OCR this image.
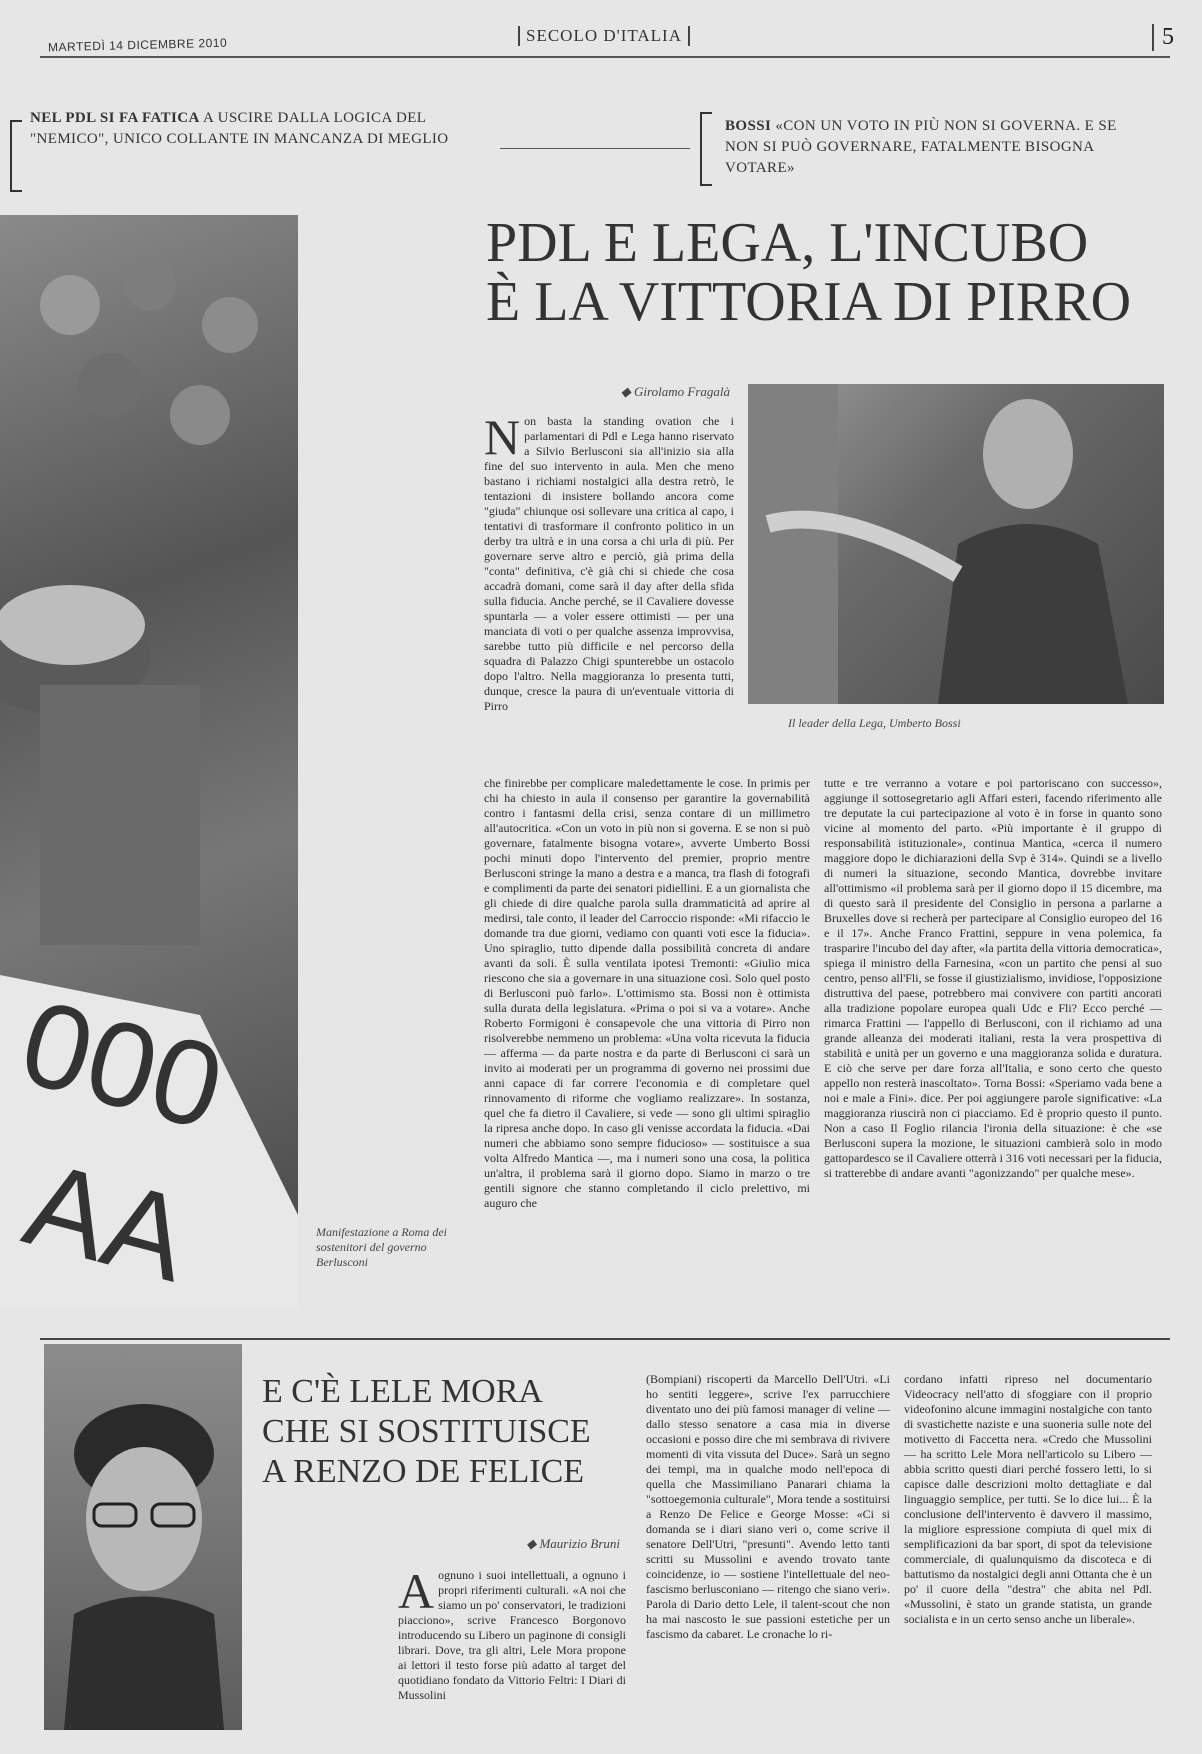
MARTEDÌ 14 DICEMBRE 2010	SECOLO D'ITALIA	5
NEL PDL SI FA FATICA A USCIRE DALLA LOGICA DEL "NEMICO", UNICO COLLANTE IN MANCANZA DI MEGLIO
BOSSI «CON UN VOTO IN PIÙ NON SI GOVERNA. E SE NON SI PUÒ GOVERNARE, FATALMENTE BISOGNA VOTARE»
000
AA	Manifestazione a Roma dei sostenitori del governo Berlusconi
PDL E LEGA, L'INCUBO
È LA VITTORIA DI PIRRO
◆ Girolamo Fragalà
Il leader della Lega, Umberto Bossi

Non basta la standing ovation che i parlamentari di Pdl e Lega hanno riservato a Silvio Berlusconi sia all'inizio sia alla fine del suo intervento in aula. Men che meno bastano i richiami nostalgici alla destra retrò, le tentazioni di insistere bollando ancora come "giuda" chiunque osi sollevare una critica al capo, i tentativi di trasformare il confronto politico in un derby tra ultrà e in una corsa a chi urla di più. Per governare serve altro e perciò, già prima della "conta" definitiva, c'è già chi si chiede che cosa accadrà domani, come sarà il day after della sfida sulla fiducia. Anche perché, se il Cavaliere dovesse spuntarla — a voler essere ottimisti — per una manciata di voti o per qualche assenza improvvisa, sarebbe tutto più difficile e nel percorso della squadra di Palazzo Chigi spunterebbe un ostacolo dopo l'altro. Nella maggioranza lo presenta tutti, dunque, cresce la paura di un'eventuale vittoria di Pirro

che finirebbe per complicare maledettamente le cose. In primis per chi ha chiesto in aula il consenso per garantire la governabilità contro i fantasmi della crisi, senza contare di un millimetro all'autocritica. «Con un voto in più non si governa. E se non si può governare, fatalmente bisogna votare», avverte Umberto Bossi pochi minuti dopo l'intervento del premier, proprio mentre Berlusconi stringe la mano a destra e a manca, tra flash di fotografi e complimenti da parte dei senatori pidiellini. E a un giornalista che gli chiede di dire qualche parola sulla drammaticità ad aprire al medirsi, tale conto, il leader del Carroccio risponde: «Mi rifaccio le domande tra due giorni, vediamo con quanti voti esce la fiducia». Uno spiraglio, tutto dipende dalla possibilità concreta di andare avanti da soli. È sulla ventilata ipotesi Tremonti: «Giulio mica riescono che sia a governare in una situazione così. Solo quel posto di Berlusconi può farlo». L'ottimismo sta. Bossi non è ottimista sulla durata della legislatura. «Prima o poi si va a votare». Anche Roberto Formigoni è consapevole che una vittoria di Pirro non risolverebbe nemmeno un problema: «Una volta ricevuta la fiducia — afferma — da parte nostra e da parte di Berlusconi ci sarà un invito ai moderati per un programma di governo nei prossimi due anni capace di far correre l'economia e di completare quel rinnovamento di riforme che vogliamo realizzare». In sostanza, quel che fa dietro il Cavaliere, si vede — sono gli ultimi spiraglio la ripresa anche dopo. In caso gli venisse accordata la fiducia. «Dai numeri che abbiamo sono sempre fiducioso» — sostituisce a sua volta Alfredo Mantica —, ma i numeri sono una cosa, la politica un'altra, il problema sarà il giorno dopo. Siamo in marzo o tre gentili signore che stanno completando il ciclo prelettivo, mi auguro che

tutte e tre verranno a votare e poi partoriscano con successo», aggiunge il sottosegretario agli Affari esteri, facendo riferimento alle tre deputate la cui partecipazione al voto è in forse in quanto sono vicine al momento del parto. «Più importante è il gruppo di responsabilità istituzionale», continua Mantica, «cerca il numero maggiore dopo le dichiarazioni della Svp è 314». Quindi se a livello di numeri la situazione, secondo Mantica, dovrebbe invitare all'ottimismo «il problema sarà per il giorno dopo il 15 dicembre, ma di questo sarà il presidente del Consiglio in persona a parlarne a Bruxelles dove si recherà per partecipare al Consiglio europeo del 16 e il 17». Anche Franco Frattini, seppure in vena polemica, fa trasparire l'incubo del day after, «la partita della vittoria democratica», spiega il ministro della Farnesina, «con un partito che pensi al suo centro, penso all'Fli, se fosse il giustizialismo, invidiose, l'opposizione distruttiva del paese, potrebbero mai convivere con partiti ancorati alla tradizione popolare europea quali Udc e Fli? Ecco perché — rimarca Frattini — l'appello di Berlusconi, con il richiamo ad una grande alleanza dei moderati italiani, resta la vera prospettiva di stabilità e unità per un governo e una maggioranza solida e duratura. E ciò che serve per dare forza all'Italia, e sono certo che questo appello non resterà inascoltato». Torna Bossi: «Speriamo vada bene a noi e male a Fini». dice. Per poi aggiungere parole significative: «La maggioranza riuscirà non ci piacciamo. Ed è proprio questo il punto. Non a caso Il Foglio rilancia l'ironia della situazione: è che «se Berlusconi supera la mozione, le situazioni cambierà solo in modo gattopardesco se il Cavaliere otterrà i 316 voti necessari per la fiducia, si tratterebbe di andare avanti "agonizzando" per qualche mese».

E C'È LELE MORA
CHE SI SOSTITUISCE
A RENZO DE FELICE
◆ Maurizio Bruni

Aognuno i suoi intellettuali, a ognuno i propri riferimenti culturali. «A noi che siamo un po' conservatori, le tradizioni piacciono», scrive Francesco Borgonovo introducendo su Libero un paginone di consigli librari. Dove, tra gli altri, Lele Mora propone ai lettori il testo forse più adatto al target del quotidiano fondato da Vittorio Feltri: I Diari di Mussolini

(Bompiani) riscoperti da Marcello Dell'Utri. «Li ho sentiti leggere», scrive l'ex parrucchiere diventato uno dei più famosi manager di veline — dallo stesso senatore a casa mia in diverse occasioni e posso dire che mi sembrava di rivivere momenti di vita vissuta del Duce». Sarà un segno dei tempi, ma in qualche modo nell'epoca di quella che Massimiliano Panarari chiama la "sottoegemonia culturale", Mora tende a sostituirsi a Renzo De Felice e George Mosse: «Ci si domanda se i diari siano veri o, come scrive il senatore Dell'Utri, "presunti". Avendo letto tanti scritti su Mussolini e avendo trovato tante coincidenze, io — sostiene l'intellettuale del neo-fascismo berlusconiano — ritengo che siano veri». Parola di Dario detto Lele, il talent-scout che non ha mai nascosto le sue passioni estetiche per un fascismo da cabaret. Le cronache lo ri-

cordano infatti ripreso nel documentario Videocracy nell'atto di sfoggiare con il proprio videofonino alcune immagini nostalgiche con tanto di svastichette naziste e una suoneria sulle note del motivetto di Faccetta nera. «Credo che Mussolini — ha scritto Lele Mora nell'articolo su Libero — abbia scritto questi diari perché fossero letti, lo si capisce dalle descrizioni molto dettagliate e dal linguaggio semplice, per tutti. Se lo dice lui... È la conclusione dell'intervento è davvero il massimo, la migliore espressione compiuta di quel mix di semplificazioni da bar sport, di spot da televisione commerciale, di qualunquismo da discoteca e di battutismo da nostalgici degli anni Ottanta che è un po' il cuore della "destra" che abita nel Pdl. «Mussolini, è stato un grande statista, un grande socialista e in un certo senso anche un liberale».
